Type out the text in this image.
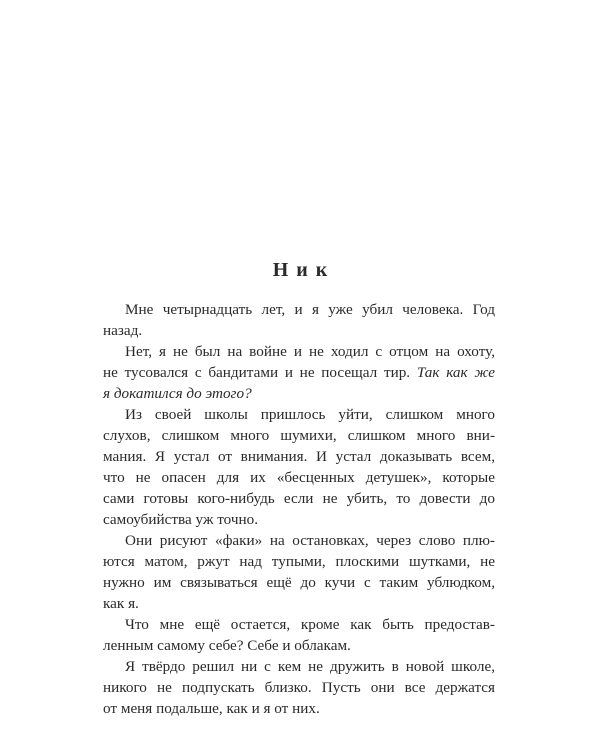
Ник
Мне четырнадцать лет, и я уже убил человека. Год
назад.
Нет, я не был на войне и не ходил с отцом на охоту,
не тусовался с бандитами и не посещал тир. Так как же
я докатился до этого?
Из своей школы пришлось уйти, слишком много
слухов, слишком много шумихи, слишком много вни-
мания. Я устал от внимания. И устал доказывать всем,
что не опасен для их «бесценных детушек», которые
сами готовы кого-нибудь если не убить, то довести до
самоубийства уж точно.
Они рисуют «факи» на остановках, через слово плю-
ются матом, ржут над тупыми, плоскими шутками, не
нужно им связываться ещё до кучи с таким ублюдком,
как я.
Что мне ещё остается, кроме как быть предостав-
ленным самому себе? Себе и облакам.
Я твёрдо решил ни с кем не дружить в новой школе,
никого не подпускать близко. Пусть они все держатся
от меня подальше, как и я от них.
